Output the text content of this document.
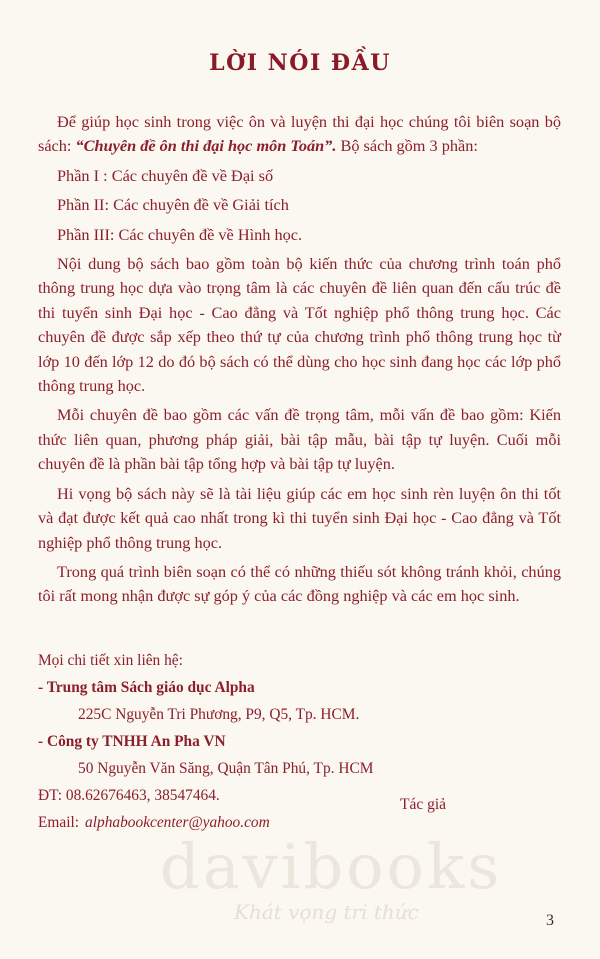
LỜI NÓI ĐẦU

Để giúp học sinh trong việc ôn và luyện thi đại học chúng tôi biên soạn bộ sách: “Chuyên đề ôn thi đại học môn Toán”. Bộ sách gồm 3 phần:

Phần I : Các chuyên đề về Đại số

Phần II: Các chuyên đề về Giải tích

Phần III: Các chuyên đề về Hình học.

Nội dung bộ sách bao gồm toàn bộ kiến thức của chương trình toán phổ thông trung học dựa vào trọng tâm là các chuyên đề liên quan đến cấu trúc đề thi tuyển sinh Đại học - Cao đẳng và Tốt nghiệp phổ thông trung học. Các chuyên đề được sắp xếp theo thứ tự của chương trình phổ thông trung học từ lớp 10 đến lớp 12 do đó bộ sách có thể dùng cho học sinh đang học các lớp phổ thông trung học.

Mỗi chuyên đề bao gồm các vấn đề trọng tâm, mỗi vấn đề bao gồm: Kiến thức liên quan, phương pháp giải, bài tập mẫu, bài tập tự luyện. Cuối mỗi chuyên đề là phần bài tập tổng hợp và bài tập tự luyện.

Hi vọng bộ sách này sẽ là tài liệu giúp các em học sinh rèn luyện ôn thi tốt và đạt được kết quả cao nhất trong kì thi tuyển sinh Đại học - Cao đẳng và Tốt nghiệp phổ thông trung học.

Trong quá trình biên soạn có thể có những thiếu sót không tránh khỏi, chúng tôi rất mong nhận được sự góp ý của các đồng nghiệp và các em học sinh.

Mọi chi tiết xin liên hệ:

- Trung tâm Sách giáo dục Alpha

225C Nguyễn Tri Phương, P9, Q5, Tp. HCM.

- Công ty TNHH An Pha VN

50 Nguyễn Văn Săng, Quận Tân Phú, Tp. HCM

ĐT: 08.62676463, 38547464.

Email: alphabookcenter@yahoo.com

Tác giả
davibooks
Khát vọng tri thức	3
